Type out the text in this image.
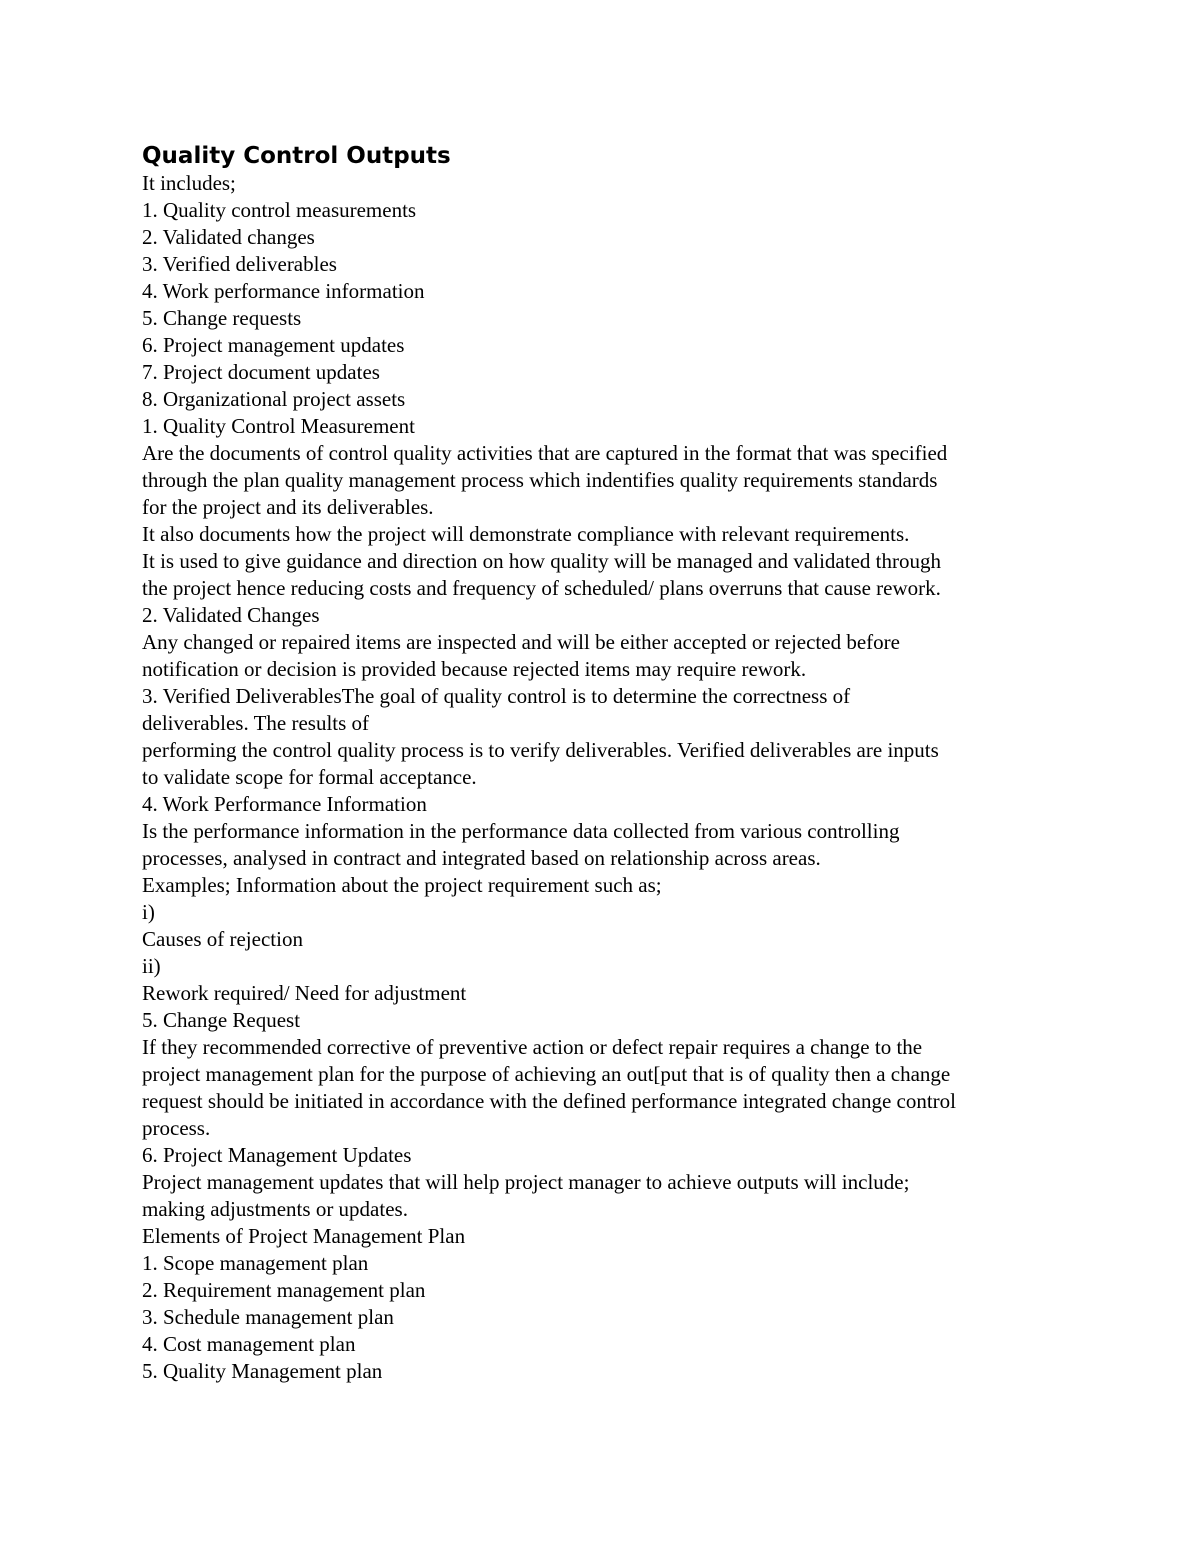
Quality Control Outputs
It includes;
1. Quality control measurements
2. Validated changes
3. Verified deliverables
4. Work performance information
5. Change requests
6. Project management updates
7. Project document updates
8. Organizational project assets
1. Quality Control Measurement
Are the documents of control quality activities that are captured in the format that was specified
through the plan quality management process which indentifies quality requirements standards
for the project and its deliverables.
It also documents how the project will demonstrate compliance with relevant requirements.
It is used to give guidance and direction on how quality will be managed and validated through
the project hence reducing costs and frequency of scheduled/ plans overruns that cause rework.
2. Validated Changes
Any changed or repaired items are inspected and will be either accepted or rejected before
notification or decision is provided because rejected items may require rework.
3. Verified DeliverablesThe goal of quality control is to determine the correctness of
deliverables. The results of
performing the control quality process is to verify deliverables. Verified deliverables are inputs
to validate scope for formal acceptance.
4. Work Performance Information
Is the performance information in the performance data collected from various controlling
processes, analysed in contract and integrated based on relationship across areas.
Examples; Information about the project requirement such as;
i)
Causes of rejection
ii)
Rework required/ Need for adjustment
5. Change Request
If they recommended corrective of preventive action or defect repair requires a change to the
project management plan for the purpose of achieving an out[put that is of quality then a change
request should be initiated in accordance with the defined performance integrated change control
process.
6. Project Management Updates
Project management updates that will help project manager to achieve outputs will include;
making adjustments or updates.
Elements of Project Management Plan
1. Scope management plan
2. Requirement management plan
3. Schedule management plan
4. Cost management plan
5. Quality Management plan
